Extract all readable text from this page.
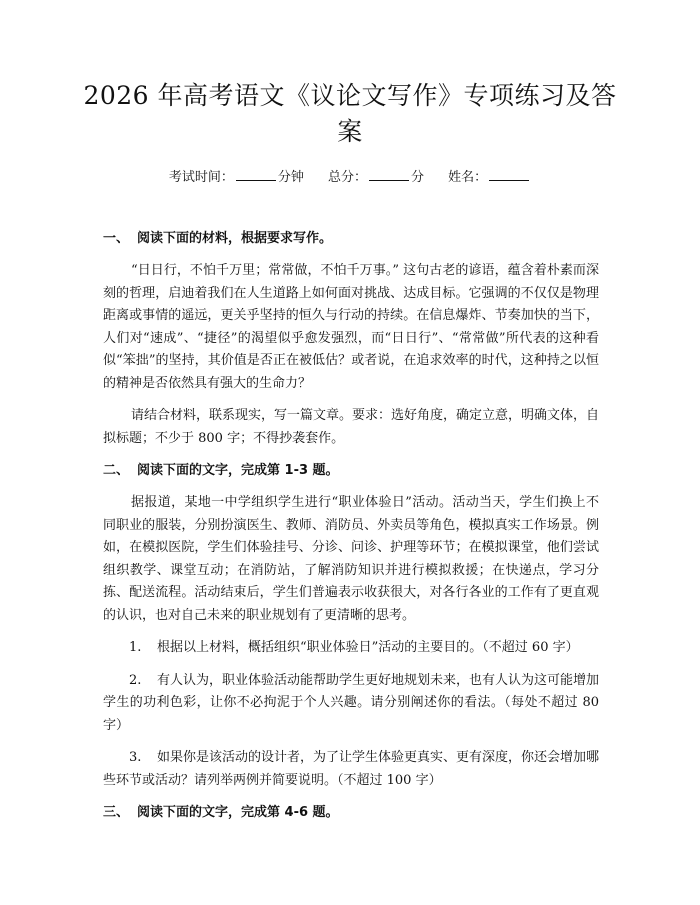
2026 年高考语文《议论文写作》专项练习及答案
考试时间：	分钟 总分：	分 姓名：
一、 阅读下面的材料，根据要求写作。

“日日行，不怕千万里；常常做，不怕千万事。” 这句古老的谚语，蕴含着朴素而深刻的哲理，启迪着我们在人生道路上如何面对挑战、达成目标。它强调的不仅仅是物理距离或事情的遥远，更关乎坚持的恒久与行动的持续。在信息爆炸、节奏加快的当下，人们对“速成”、“捷径”的渴望似乎愈发强烈，而“日日行”、“常常做”所代表的这种看似“笨拙”的坚持，其价值是否正在被低估？或者说，在追求效率的时代，这种持之以恒的精神是否依然具有强大的生命力？

请结合材料，联系现实，写一篇文章。要求：选好角度，确定立意，明确文体，自拟标题；不少于 800 字；不得抄袭套作。

二、 阅读下面的文字，完成第 1-3 题。

据报道，某地一中学组织学生进行“职业体验日”活动。活动当天，学生们换上不同职业的服装，分别扮演医生、教师、消防员、外卖员等角色，模拟真实工作场景。例如，在模拟医院，学生们体验挂号、分诊、问诊、护理等环节；在模拟课堂，他们尝试组织教学、课堂互动；在消防站，了解消防知识并进行模拟救援；在快递点，学习分拣、配送流程。活动结束后，学生们普遍表示收获很大，对各行各业的工作有了更直观的认识，也对自己未来的职业规划有了更清晰的思考。

1. 根据以上材料，概括组织“职业体验日”活动的主要目的。（不超过 60 字）

2. 有人认为，职业体验活动能帮助学生更好地规划未来，也有人认为这可能增加学生的功利色彩，让你不必拘泥于个人兴趣。请分别阐述你的看法。（每处不超过 80 字）

3. 如果你是该活动的设计者，为了让学生体验更真实、更有深度，你还会增加哪些环节或活动？请列举两例并简要说明。（不超过 100 字）

三、 阅读下面的文字，完成第 4-6 题。
